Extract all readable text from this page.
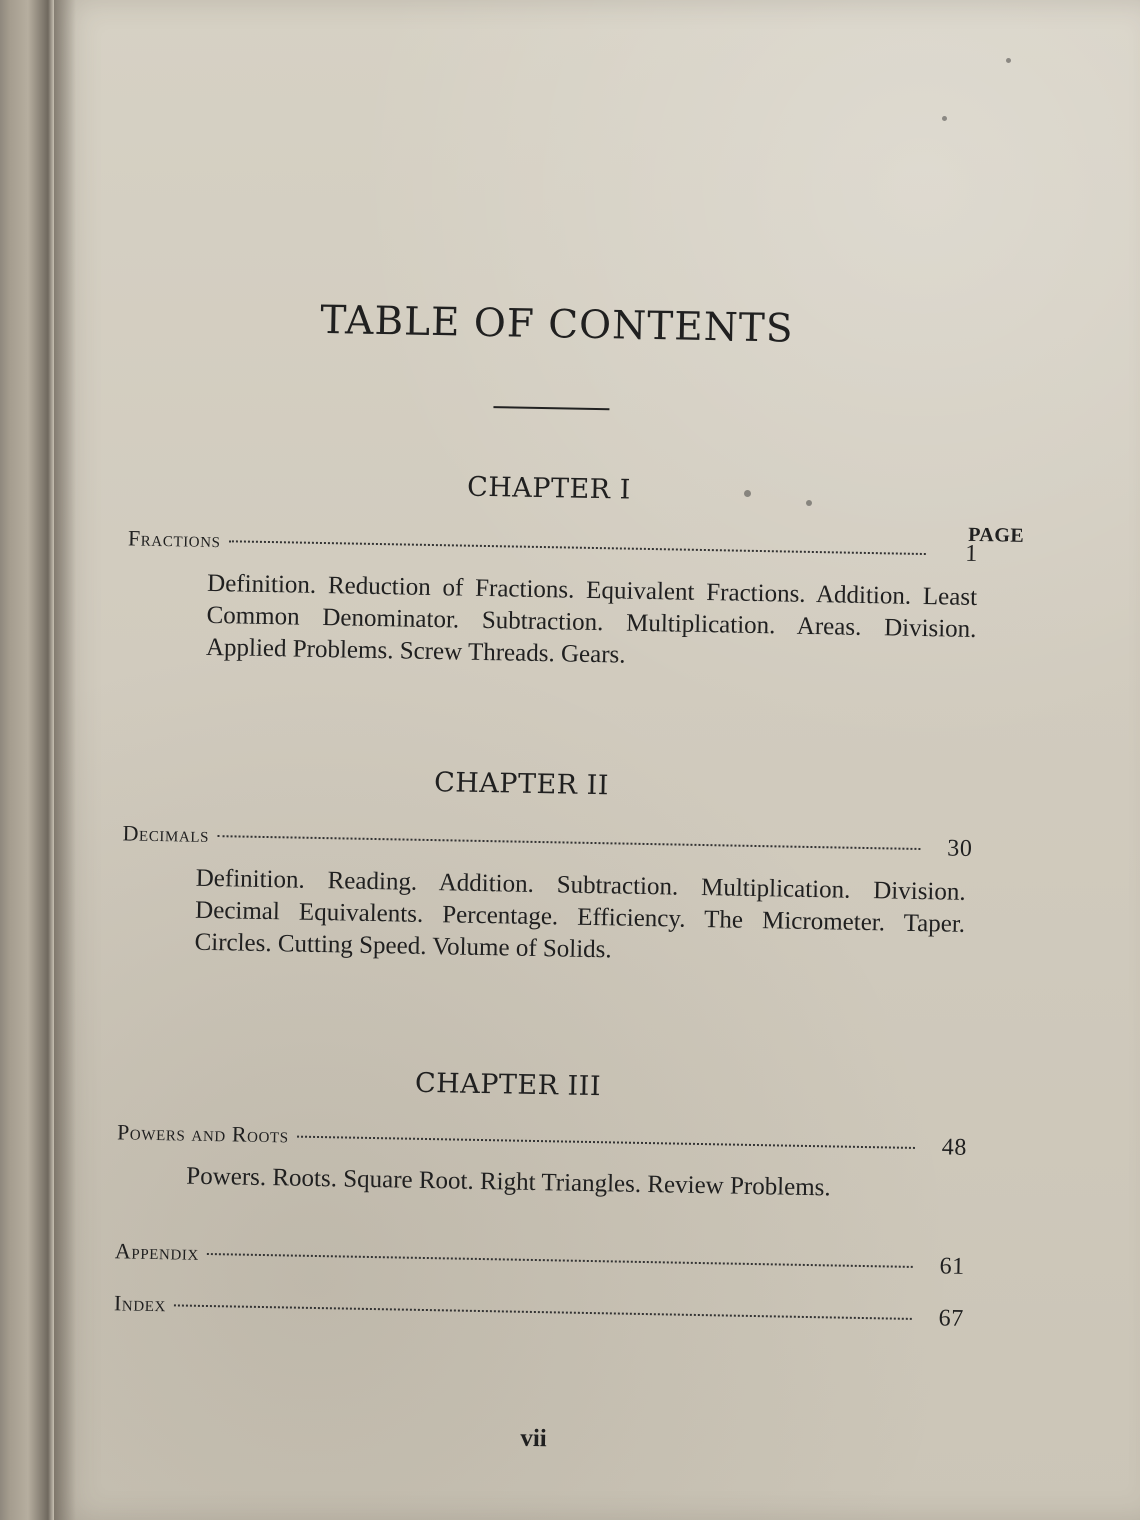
TABLE OF CONTENTS
CHAPTER I
PAGE
Fractions
1
Definition. Reduction of Fractions. Equivalent Fractions. Addition. Least Common Denominator. Subtraction. Multiplication. Areas. Division. Applied Problems. Screw Threads. Gears.
CHAPTER II
Decimals
30
Definition. Reading. Addition. Subtraction. Multiplication. Division. Decimal Equivalents. Percentage. Efficiency. The Micrometer. Taper. Circles. Cutting Speed. Volume of Solids.
CHAPTER III
Powers and Roots
48
Powers. Roots. Square Root. Right Triangles. Review Problems.
Appendix
61
Index
67
vii
